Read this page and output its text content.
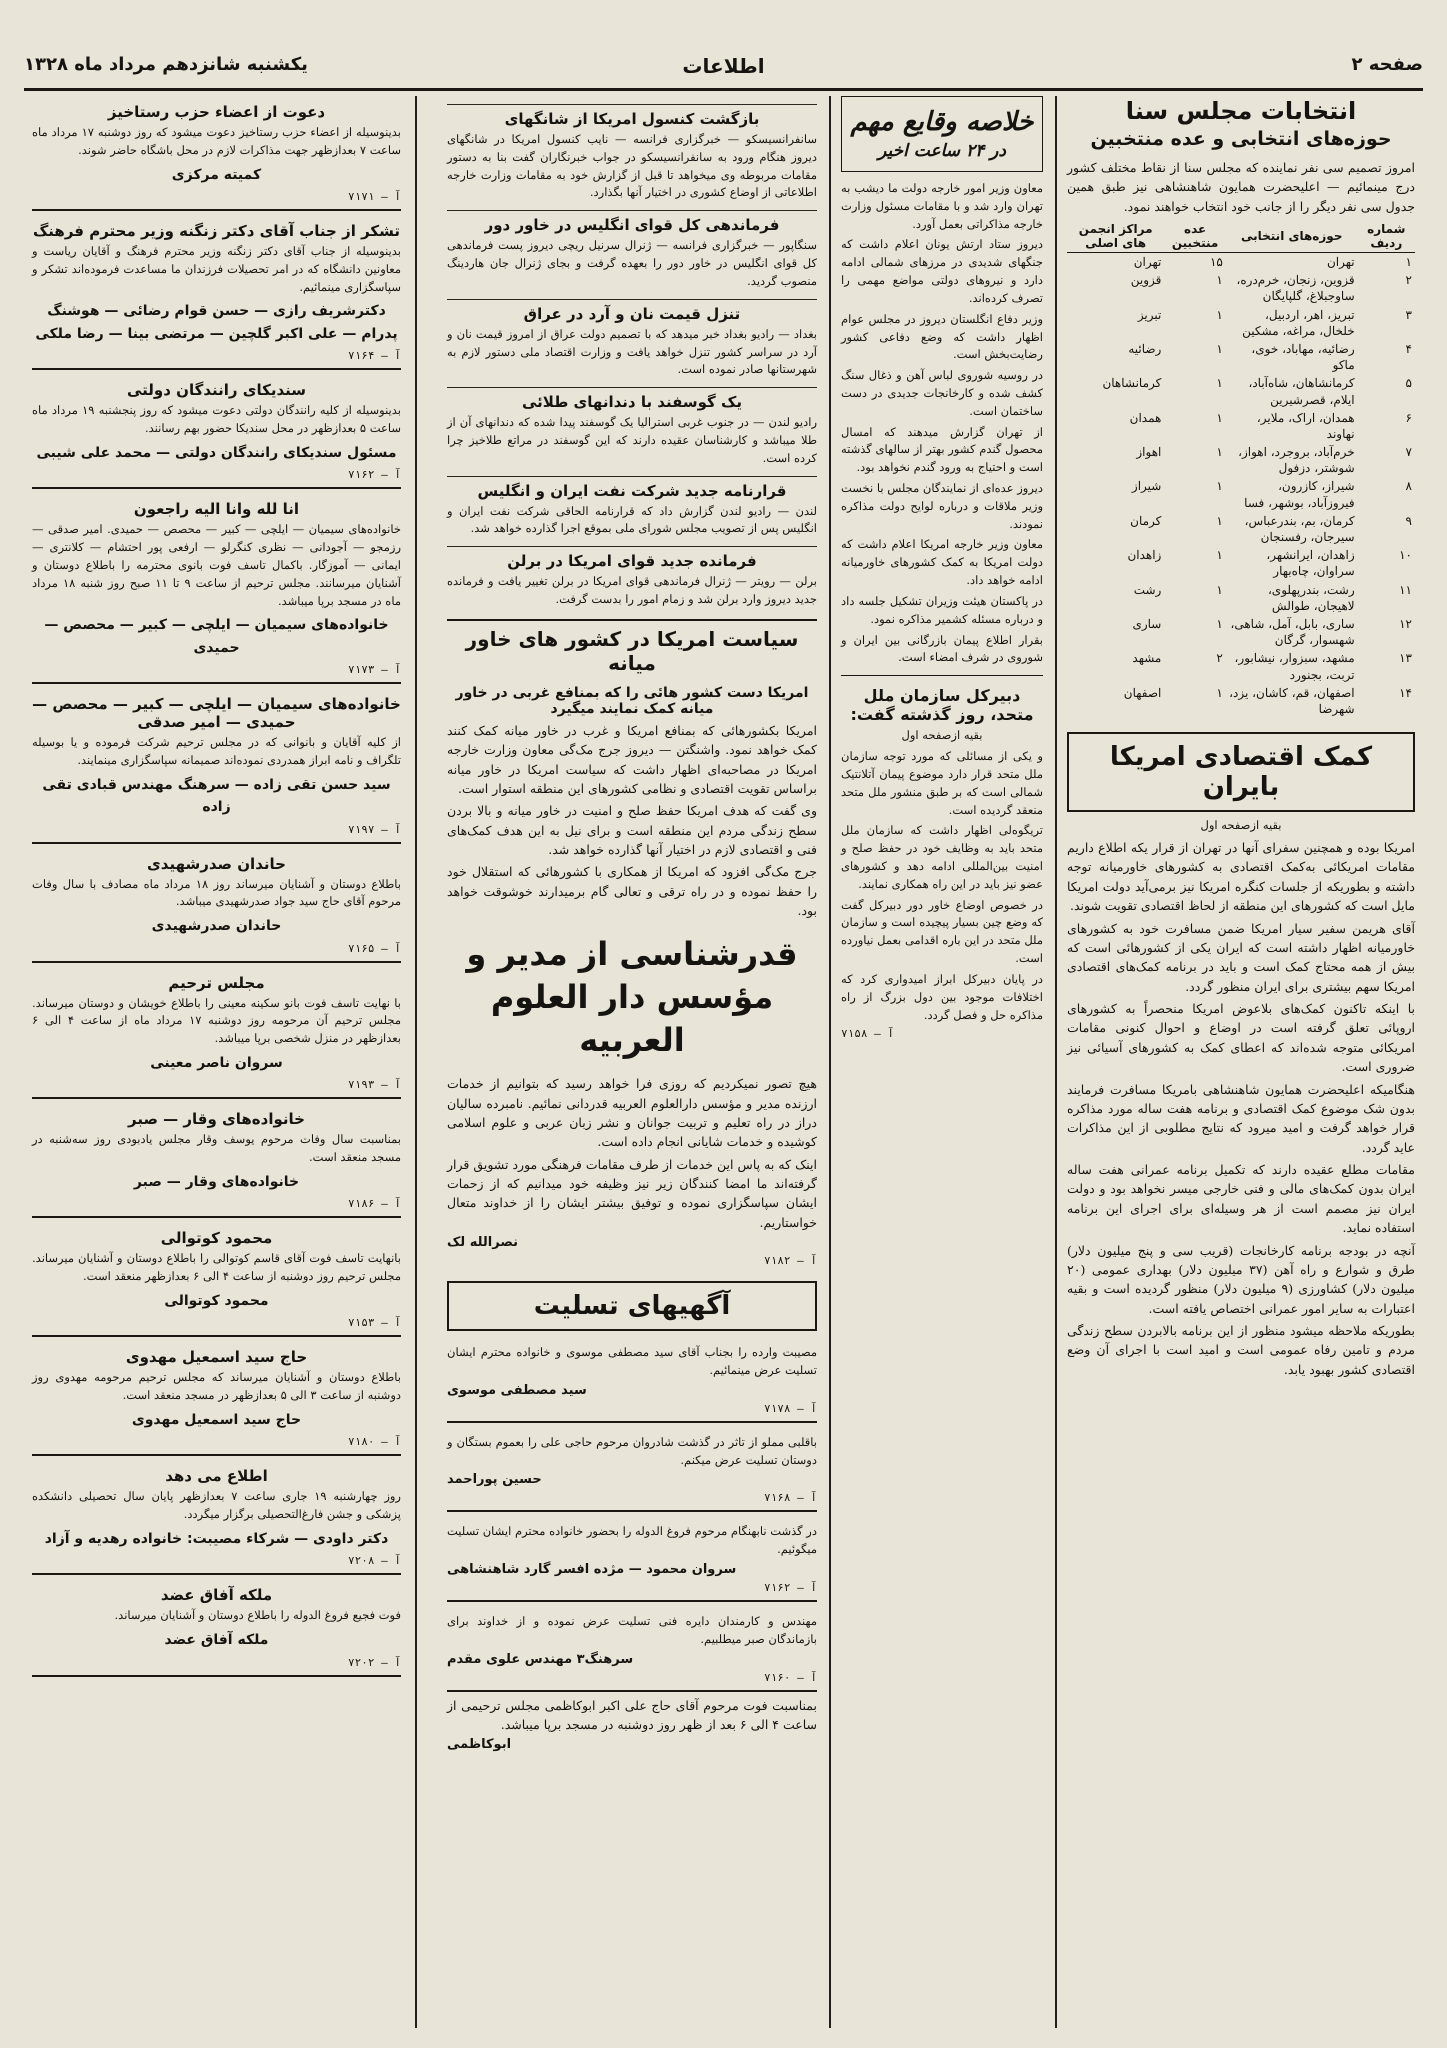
صفحه ۲
اطلاعات
یکشنبه شانزدهم مرداد ماه ۱۳۲۸
انتخابات مجلس سنا
حوزه‌های انتخابی و عده منتخبین

امروز تصمیم سی نفر نماینده که مجلس سنا از نقاط مختلف کشور درج مینمائیم — اعلیحضرت همایون شاهنشاهی نیز طبق همین جدول سی نفر دیگر را از جانب خود انتخاب خواهند نمود.

شماره ردیف	حوزه‌های انتخابی	عده منتخبین	مراکز انجمن های اصلی
۱	تهران	۱۵	تهران
۲	قزوین، زنجان، خرم‌دره، ساوجبلاغ، گلپایگان	۱	قزوین
۳	تبریز، اهر، اردبیل، خلخال، مراغه، مشکین	۱	تبریز
۴	رضائیه، مهاباد، خوی، ماکو	۱	رضائیه
۵	کرمانشاهان، شاه‌آباد، ایلام، قصرشیرین	۱	کرمانشاهان
۶	همدان، اراک، ملایر، نهاوند	۱	همدان
۷	خرم‌آباد، بروجرد، اهواز، شوشتر، دزفول	۱	اهواز
۸	شیراز، کازرون، فیروزآباد، بوشهر، فسا	۱	شیراز
۹	کرمان، بم، بندرعباس، سیرجان، رفسنجان	۱	کرمان
۱۰	زاهدان، ایرانشهر، سراوان، چاه‌بهار	۱	زاهدان
۱۱	رشت، بندرپهلوی، لاهیجان، طوالش	۱	رشت
۱۲	ساری، بابل، آمل، شاهی، شهسوار، گرگان	۱	ساری
۱۳	مشهد، سبزوار، نیشابور، تربت، بجنورد	۲	مشهد
۱۴	اصفهان، قم، کاشان، یزد، شهرضا	۱	اصفهان
کمک اقتصادی امریکا بایران
بقیه ازصفحه اول

امریکا بوده و همچنین سفرای آنها در تهران از قرار یکه اطلاع داریم مقامات امریکائی به‌کمک اقتصادی به کشورهای خاورمیانه توجه داشته و بطوریکه از جلسات کنگره امریکا نیز برمی‌آید دولت امریکا مایل است که کشورهای این منطقه از لحاظ اقتصادی تقویت شوند.

آقای هریمن سفیر سیار امریکا ضمن مسافرت خود به کشورهای خاورمیانه اظهار داشته است که ایران یکی از کشورهائی است که بیش از همه محتاج کمک است و باید در برنامه کمک‌های اقتصادی امریکا سهم بیشتری برای ایران منظور گردد.

با اینکه تاکنون کمک‌های بلاعوض امریکا منحصراً به کشورهای اروپائی تعلق گرفته است در اوضاع و احوال کنونی مقامات امریکائی متوجه شده‌اند که اعطای کمک به کشورهای آسیائی نیز ضروری است.

هنگامیکه اعلیحضرت همایون شاهنشاهی بامریکا مسافرت فرمایند بدون شک موضوع کمک اقتصادی و برنامه هفت ساله مورد مذاکره قرار خواهد گرفت و امید میرود که نتایج مطلوبی از این مذاکرات عاید گردد.

مقامات مطلع عقیده دارند که تکمیل برنامه عمرانی هفت ساله ایران بدون کمک‌های مالی و فنی خارجی میسر نخواهد بود و دولت ایران نیز مصمم است از هر وسیله‌ای برای اجرای این برنامه استفاده نماید.

آنچه در بودجه برنامه کارخانجات (قریب سی و پنج میلیون دلار) طرق و شوارع و راه آهن (۳۷ میلیون دلار) بهداری عمومی (۲۰ میلیون دلار) کشاورزی (۹ میلیون دلار) منظور گردیده است و بقیه اعتبارات به سایر امور عمرانی اختصاص یافته است.

بطوریکه ملاحظه میشود منظور از این برنامه بالابردن سطح زندگی مردم و تامین رفاه عمومی است و امید است با اجرای آن وضع اقتصادی کشور بهبود یابد.

خلاصه وقایع مهم
در ۲۴ ساعت اخیر

معاون وزیر امور خارجه دولت ما دیشب به تهران وارد شد و با مقامات مسئول وزارت خارجه مذاکراتی بعمل آورد.

دیروز ستاد ارتش یونان اعلام داشت که جنگهای شدیدی در مرزهای شمالی ادامه دارد و نیروهای دولتی مواضع مهمی را تصرف کرده‌اند.

وزیر دفاع انگلستان دیروز در مجلس عوام اظهار داشت که وضع دفاعی کشور رضایت‌بخش است.

در روسیه شوروی لباس آهن و ذغال سنگ کشف شده و کارخانجات جدیدی در دست ساختمان است.

از تهران گزارش میدهند که امسال محصول گندم کشور بهتر از سالهای گذشته است و احتیاج به ورود گندم نخواهد بود.

دیروز عده‌ای از نمایندگان مجلس با نخست وزیر ملاقات و درباره لوایح دولت مذاکره نمودند.

معاون وزیر خارجه امریکا اعلام داشت که دولت امریکا به کمک کشورهای خاورمیانه ادامه خواهد داد.

در پاکستان هیئت وزیران تشکیل جلسه داد و درباره مسئله کشمیر مذاکره نمود.

بقرار اطلاع پیمان بازرگانی بین ایران و شوروی در شرف امضاء است.

دبیرکل سازمان ملل متحد، روز گذشته گفت:
بقیه ازصفحه اول

و یکی از مسائلی که مورد توجه سازمان ملل متحد قرار دارد موضوع پیمان آتلانتیک شمالی است که بر طبق منشور ملل متحد منعقد گردیده است.

تریگوه‌لی اظهار داشت که سازمان ملل متحد باید به وظایف خود در حفظ صلح و امنیت بین‌المللی ادامه دهد و کشورهای عضو نیز باید در این راه همکاری نمایند.

در خصوص اوضاع خاور دور دبیرکل گفت که وضع چین بسیار پیچیده است و سازمان ملل متحد در این باره اقدامی بعمل نیاورده است.

در پایان دبیرکل ابراز امیدواری کرد که اختلافات موجود بین دول بزرگ از راه مذاکره حل و فصل گردد.

آ — ۷۱۵۸
بازگشت کنسول امریکا از شانگهای

سانفرانسیسکو — خبرگزاری فرانسه — نایب کنسول امریکا در شانگهای دیروز هنگام ورود به سانفرانسیسکو در جواب خبرنگاران گفت بنا به دستور مقامات مربوطه وی میخواهد تا قبل از گزارش خود به مقامات وزارت خارجه اطلاعاتی از اوضاع کشوری در اختیار آنها بگذارد.

فرماندهی کل قوای انگلیس در خاور دور

سنگاپور — خبرگزاری فرانسه — ژنرال سرنیل ریچی دیروز پست فرماندهی کل قوای انگلیس در خاور دور را بعهده گرفت و بجای ژنرال جان هاردینگ منصوب گردید.

تنزل قیمت نان و آرد در عراق

بغداد — رادیو بغداد خبر میدهد که با تصمیم دولت عراق از امروز قیمت نان و آرد در سراسر کشور تنزل خواهد یافت و وزارت اقتصاد ملی دستور لازم به شهرستانها صادر نموده است.

یک گوسفند با دندانهای طلائی

رادیو لندن — در جنوب غربی استرالیا یک گوسفند پیدا شده که دندانهای آن از طلا میباشد و کارشناسان عقیده دارند که این گوسفند در مراتع طلاخیز چرا کرده است.

قرارنامه جدید شرکت نفت ایران و انگلیس

لندن — رادیو لندن گزارش داد که قرارنامه الحاقی شرکت نفت ایران و انگلیس پس از تصویب مجلس شورای ملی بموقع اجرا گذارده خواهد شد.

فرمانده جدید قوای امریکا در برلن

برلن — رویتر — ژنرال فرماندهی قوای امریکا در برلن تغییر یافت و فرمانده جدید دیروز وارد برلن شد و زمام امور را بدست گرفت.

سیاست امریکا در کشور های خاور میانه
امریکا دست کشور هائی را که بمنافع غربی در خاور میانه کمک نمایند میگیرد

امریکا بکشورهائی که بمنافع امریکا و غرب در خاور میانه کمک کنند کمک خواهد نمود. واشنگتن — دیروز جرج مک‌گی معاون وزارت خارجه امریکا در مصاحبه‌ای اظهار داشت که سیاست امریکا در خاور میانه براساس تقویت اقتصادی و نظامی کشورهای این منطقه استوار است.

وی گفت که هدف امریکا حفظ صلح و امنیت در خاور میانه و بالا بردن سطح زندگی مردم این منطقه است و برای نیل به این هدف کمک‌های فنی و اقتصادی لازم در اختیار آنها گذارده خواهد شد.

جرج مک‌گی افزود که امریکا از همکاری با کشورهائی که استقلال خود را حفظ نموده و در راه ترقی و تعالی گام برمیدارند خوشوقت خواهد بود.

قدرشناسی از مدیر و مؤسس دار العلوم العربیه

هیچ تصور نمیکردیم که روزی فرا خواهد رسید که بتوانیم از خدمات ارزنده مدیر و مؤسس دارالعلوم العربیه قدردانی نمائیم. نامبرده سالیان دراز در راه تعلیم و تربیت جوانان و نشر زبان عربی و علوم اسلامی کوشیده و خدمات شایانی انجام داده است.

اینک که به پاس این خدمات از طرف مقامات فرهنگی مورد تشویق قرار گرفته‌اند ما امضا کنندگان زیر نیز وظیفه خود میدانیم که از زحمات ایشان سپاسگزاری نموده و توفیق بیشتر ایشان را از خداوند متعال خواستاریم.

نصرالله لک
آ — ۷۱۸۲
آگهیهای تسلیت

مصیبت وارده را بجناب آقای سید مصطفی موسوی و خانواده محترم ایشان تسلیت عرض مینمائیم.

سید مصطفی موسوی
آ — ۷۱۷۸

باقلبی مملو از تاثر در گذشت شادروان مرحوم حاجی علی را بعموم بستگان و دوستان تسلیت عرض میکنم.

حسین پوراحمد
آ — ۷۱۶۸

در گذشت نابهنگام مرحوم فروغ الدوله را بحضور خانواده محترم ایشان تسلیت میگوئیم.

سروان محمود — مژده افسر گارد شاهنشاهی
آ — ۷۱۶۲

مهندس و کارمندان دایره فنی تسلیت عرض نموده و از خداوند برای بازماندگان صبر میطلبیم.

سرهنگ۳ مهندس علوی مقدم
آ — ۷۱۶۰

بمناسبت فوت مرحوم آقای حاج علی اکبر ابوکاظمی مجلس ترحیمی از ساعت ۴ الی ۶ بعد از ظهر روز دوشنبه در مسجد برپا میباشد.

ابوکاظمی
دعوت از اعضاء حزب رستاخیز

بدینوسیله از اعضاء حزب رستاخیز دعوت میشود که روز دوشنبه ۱۷ مرداد ماه ساعت ۷ بعدازظهر جهت مذاکرات لازم در محل باشگاه حاضر شوند.

کمیته مرکزی
آ — ۷۱۷۱
تشکر از جناب آقای دکتر زنگنه وزیر محترم فرهنگ

بدینوسیله از جناب آقای دکتر زنگنه وزیر محترم فرهنگ و آقایان ریاست و معاونین دانشگاه که در امر تحصیلات فرزندان ما مساعدت فرموده‌اند تشکر و سپاسگزاری مینمائیم.

دکترشریف رازی — حسن قوام رضائی — هوشنگ پدرام — علی اکبر گلچین — مرتضی بینا — رضا ملکی
آ — ۷۱۶۴
سندیکای رانندگان دولتی

بدینوسیله از کلیه رانندگان دولتی دعوت میشود که روز پنجشنبه ۱۹ مرداد ماه ساعت ۵ بعدازظهر در محل سندیکا حضور بهم رسانند.

مسئول سندیکای رانندگان دولتی — محمد علی شیبی
آ — ۷۱۶۲
انا لله وانا الیه راجعون

خانواده‌های سیمیان — ایلچی — کبیر — محصص — حمیدی. امیر صدقی — رزمجو — آجودانی — نظری کنگرلو — ارفعی پور احتشام — کلانتری — ایمانی — آموزگار. باکمال تاسف فوت بانوی محترمه را باطلاع دوستان و آشنایان میرسانند. مجلس ترحیم از ساعت ۹ تا ۱۱ صبح روز شنبه ۱۸ مرداد ماه در مسجد برپا میباشد.

خانواده‌های سیمیان — ایلچی — کبیر — محصص — حمیدی
آ — ۷۱۷۳
خانواده‌های سیمیان — ایلچی — کبیر — محصص — حمیدی — امیر صدقی

از کلیه آقایان و بانوانی که در مجلس ترحیم شرکت فرموده و یا بوسیله تلگراف و نامه ابراز همدردی نموده‌اند صمیمانه سپاسگزاری مینمایند.

سید حسن تقی زاده — سرهنگ مهندس قبادی تقی زاده
آ — ۷۱۹۷
حاندان صدرشهیدی

باطلاع دوستان و آشنایان میرساند روز ۱۸ مرداد ماه مصادف با سال وفات مرحوم آقای حاج سید جواد صدرشهیدی میباشد.

حاندان صدرشهیدی
آ — ۷۱۶۵
مجلس ترحیم

با نهایت تاسف فوت بانو سکینه معینی را باطلاع خویشان و دوستان میرساند. مجلس ترحیم آن مرحومه روز دوشنبه ۱۷ مرداد ماه از ساعت ۴ الی ۶ بعدازظهر در منزل شخصی برپا میباشد.

سروان ناصر معینی
آ — ۷۱۹۳
خانواده‌های وقار — صبر

بمناسبت سال وفات مرحوم یوسف وقار مجلس یادبودی روز سه‌شنبه در مسجد منعقد است.

خانواده‌های وقار — صبر
آ — ۷۱۸۶
محمود کوتوالی

بانهایت تاسف فوت آقای قاسم کوتوالی را باطلاع دوستان و آشنایان میرساند. مجلس ترحیم روز دوشنبه از ساعت ۴ الی ۶ بعدازظهر منعقد است.

محمود کوتوالی
آ — ۷۱۵۳
حاج سید اسمعیل مهدوی

باطلاع دوستان و آشنایان میرساند که مجلس ترحیم مرحومه مهدوی روز دوشنبه از ساعت ۳ الی ۵ بعدازظهر در مسجد منعقد است.

حاج سید اسمعیل مهدوی
آ — ۷۱۸۰
اطلاع می دهد

روز چهارشنبه ۱۹ جاری ساعت ۷ بعدازظهر پایان سال تحصیلی دانشکده پزشکی و جشن فارغ‌التحصیلی برگزار میگردد.

دکتر داودی — شرکاء مصیبت: خانواده رهدیه و آزاد
آ — ۷۲۰۸
ملکه آفاق عضد

فوت فجیع فروغ الدوله را باطلاع دوستان و آشنایان میرساند.

ملکه آفاق عضد
آ — ۷۲۰۲
